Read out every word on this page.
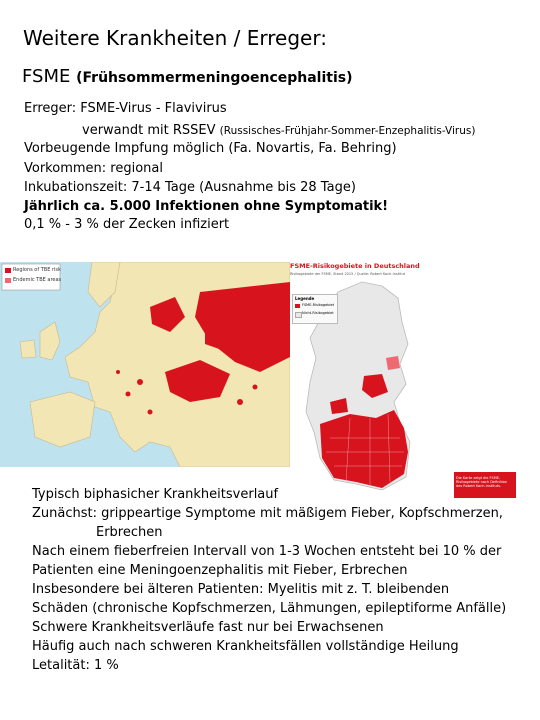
Weitere Krankheiten / Erreger:
FSME (Frühsommermeningoencephalitis)
Erreger: FSME-Virus - Flavivirus
verwandt mit RSSEV (Russisches-Frühjahr-Sommer-Enzephalitis-Virus)
Vorbeugende Impfung möglich (Fa. Novartis, Fa. Behring)
Vorkommen: regional
Inkubationszeit: 7-14 Tage (Ausnahme bis 28 Tage)
Jährlich ca. 5.000 Infektionen ohne Symptomatik!
0,1 % - 3 % der Zecken infiziert
Regions of TBE risk
Endemic TBE areas
FSME-Risikogebiete in Deutschland
Risikogebiete der FSME, Stand 2015 / Quelle: Robert Koch-Institut
Legende
FSME-Risikogebiet
Nicht-Risikogebiet
Die Karte zeigt die FSME-Risikogebiete nach Definition des Robert Koch-Instituts.
Typisch biphasicher Krankheitsverlauf
Zunächst: grippeartige Symptome mit mäßigem Fieber, Kopfschmerzen,
Erbrechen
Nach einem fieberfreien Intervall von 1-3 Wochen entsteht bei 10 % der
Patienten eine Meningoenzephalitis mit Fieber, Erbrechen
Insbesondere bei älteren Patienten: Myelitis mit z. T. bleibenden
Schäden (chronische Kopfschmerzen, Lähmungen, epileptiforme Anfälle)
Schwere Krankheitsverläufe fast nur bei Erwachsenen
Häufig auch nach schweren Krankheitsfällen vollständige Heilung
Letalität: 1 %
